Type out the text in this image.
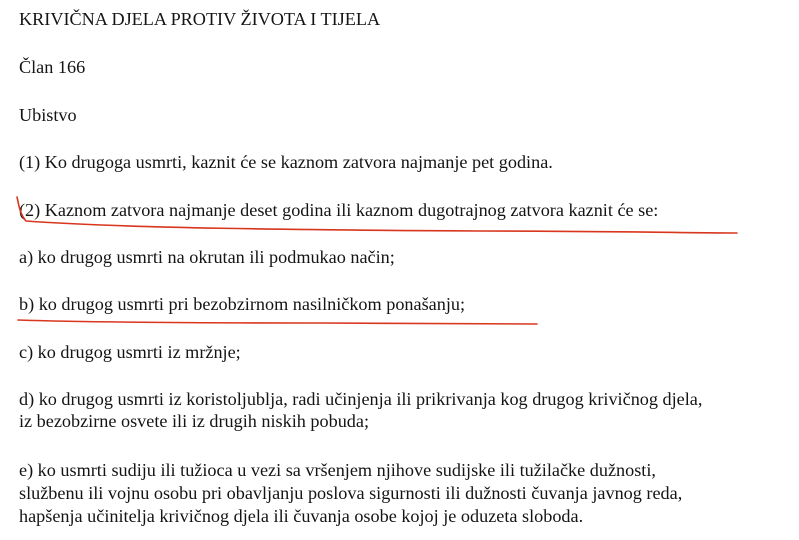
KRIVIČNA DJELA PROTIV ŽIVOTA I TIJELA
Član 166
Ubistvo
(1) Ko drugoga usmrti, kaznit će se kaznom zatvora najmanje pet godina.
(2) Kaznom zatvora najmanje deset godina ili kaznom dugotrajnog zatvora kaznit će se:
a) ko drugog usmrti na okrutan ili podmukao način;
b) ko drugog usmrti pri bezobzirnom nasilničkom ponašanju;
c) ko drugog usmrti iz mržnje;
d) ko drugog usmrti iz koristoljublja, radi učinjenja ili prikrivanja kog drugog krivičnog djela,
iz bezobzirne osvete ili iz drugih niskih pobuda;
e) ko usmrti sudiju ili tužioca u vezi sa vršenjem njihove sudijske ili tužilačke dužnosti,
službenu ili vojnu osobu pri obavljanju poslova sigurnosti ili dužnosti čuvanja javnog reda,
hapšenja učinitelja krivičnog djela ili čuvanja osobe kojoj je oduzeta sloboda.
